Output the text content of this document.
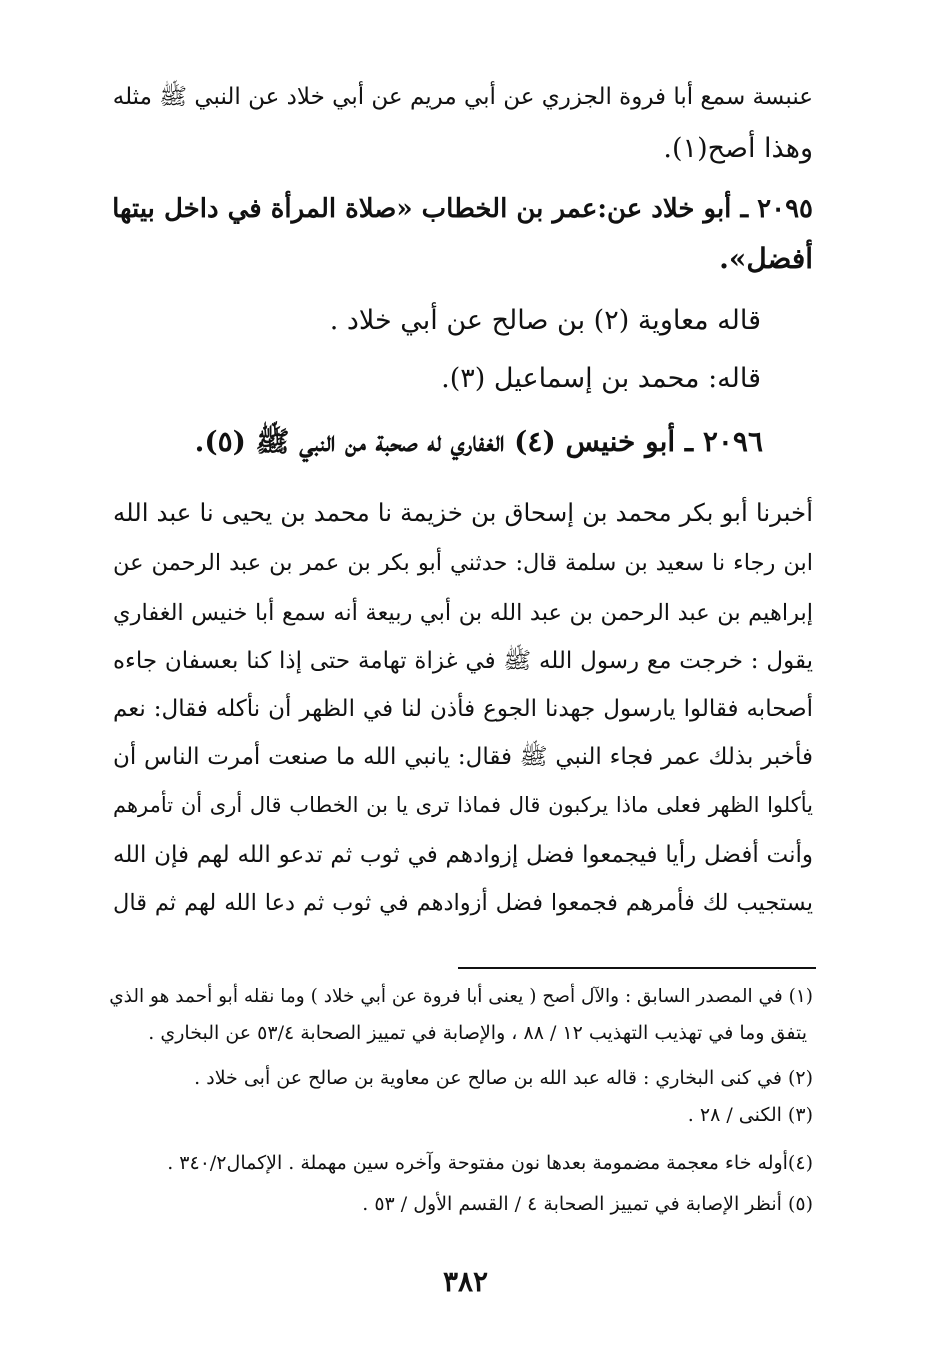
عنبسة سمع أبا فروة الجزري عن أبي مريم عن أبي خلاد عن النبي ﷺ مثله
وهذا أصح(١).
٢٠٩٥ ـ أبو خلاد عن:عمر بن الخطاب «صلاة المرأة في داخل بيتها
أفضل».
قاله معاوية (٢) بن صالح عن أبي خلاد .
قاله: محمد بن إسماعيل (٣).
٢٠٩٦ ـ أبو خنيس (٤) الغفاري له صحبة من النبي ﷺ (٥).
أخبرنا أبو بكر محمد بن إسحاق بن خزيمة نا محمد بن يحيى نا عبد الله
ابن رجاء نا سعيد بن سلمة قال: حدثني أبو بكر بن عمر بن عبد الرحمن عن
إبراهيم بن عبد الرحمن بن عبد الله بن أبي ربيعة أنه سمع أبا خنيس الغفاري
يقول : خرجت مع رسول الله ﷺ في غزاة تهامة حتى إذا كنا بعسفان جاءه
أصحابه فقالوا يارسول جهدنا الجوع فأذن لنا في الظهر أن نأكله فقال: نعم
فأخبر بذلك عمر فجاء النبي ﷺ فقال: يانبي الله ما صنعت أمرت الناس أن
يأكلوا الظهر فعلى ماذا يركبون قال فماذا ترى يا بن الخطاب قال أرى أن تأمرهم
وأنت أفضل رأيا فيجمعوا فضل إزوادهم في ثوب ثم تدعو الله لهم فإن الله
يستجيب لك فأمرهم فجمعوا فضل أزوادهم في ثوب ثم دعا الله لهم ثم قال
(١) في المصدر السابق : والآل أصح ( يعنى أبا فروة عن أبي خلاد ) وما نقله أبو أحمد هو الذي
يتفق وما في تهذيب التهذيب ١٢ / ٨٨ ، والإصابة في تمييز الصحابة ٥٣/٤ عن البخاري .
(٢) في كنى البخاري : قاله عبد الله بن صالح عن معاوية بن صالح عن أبى خلاد .
(٣) الكنى / ٢٨ .
(٤)أوله خاء معجمة مضمومة بعدها نون مفتوحة وآخره سين مهملة . الإكمال٣٤٠/٢ .
(٥) أنظر الإصابة في تمييز الصحابة ٤ / القسم الأول / ٥٣ .
٣٨٢
